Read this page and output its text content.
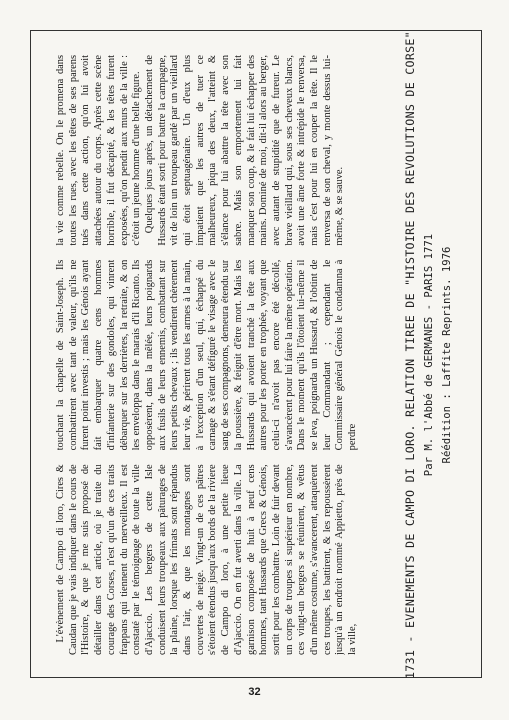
L'évènement de Campo di loro, Cires & Caudan que je vais indiquer dans le cours de l'Histoire, & que je me suis proposé de détailler dans cet article, où je traite du courage des Corses, n'est qu'un de ces traits frappans qui tiennent du merveilleux. Il est constaté par le témoignage de toute la ville d'Ajaccio. Les bergers de cette Isle conduisent leurs troupeaux aux pâturages de la plaine, lorsque les frimats sont répandus dans l'air, & que les montagnes sont couvertes de neige. Vingt-un de ces pâtres s'étoient étendus jusqu'aux bords de la riviere de Campo di loro, à une petite lieue d'Ajaccio. On en fut averti dans la ville. La garnison composée de huit à neuf cens hommes, tant Hussards que Grecs & Génois, sortit pour les combattre. Loin de fuir devant un corps de troupes si supérieur en nombre, ces vingt-un bergers se réunirent, & vêtus d'un même costume, s'avancerent, attaquèrent ces troupes, les battirent, & les repoussèrent jusqu'à un endroit nommé Appietto, près de la ville,

touchant la chapelle de Saint-Joseph. Ils combattirent avec tant de valeur, qu'ils ne furent point investis ; mais les Génois ayant fait embarquer quatre cens hommes d'infanterie sur des gondoles, qui vinrent débarquer sur les derrières, la retraite, & on les enveloppa dans le marais d'il Ricanto. Ils opposèrent, dans la mêlée, leurs poignards aux fusils de leurs ennemis, combattant sur leurs petits chevaux ; ils vendirent chèrement leur vie, & périrent tous les armes à la main, à l'exception d'un seul, qui, échappé du carnage & s'étant défiguré le visage avec le sang de ses compagnons, demeura étendu sur la poussière, & feignit d'être mort. Mais les Hussards qui avoient tranché la tête aux autres pour les porter en trophée, voyant que celui-ci n'avoit pas encore été décollé, s'avancèrent pour lui faire la même opération. Dans le moment qu'ils l'ôtoient lui-même il se leva, poignarda un Hussard, & l'obtint de leur Commandant ; cependant le Commissaire général Génois le condamna à perdre

la vie comme rebelle. On le promena dans toutes les rues, avec les têtes de ses parens tués dans cette action, qu'on lui avoit attachées autour du corps. Après cette scène horrible, il fut décapité, & les têtes furent exposées, qu'on pendit aux murs de la ville : c'étoit un jeune homme d'une belle figure. Quelques jours après, un détachement de Hussards étant sorti pour battre la campagne, vit de loin un troupeau gardé par un vieillard qui étoit septuagénaire. Un d'eux plus impatient que les autres de tuer ce malheureux, piqua des deux, l'atteint & s'élance pour lui abattre la tête avec son sabre. Mais son emportement lui fait manquer son coup, & le fait lui échapper des mains. Dominé de moi, dit-il alors au berger, avec autant de stupidité que de fureur. Le brave vieillard qui, sous ses cheveux blancs, avoit une âme forte & intrépide le renversa, mais c'est pour lui en couper la tête. Il le renversa de son cheval, y monte dessus lui-même, & se sauve.	1731 - EVENEMENTS DE CAMPO DI LORO. RELATION TIREE DE "HISTOIRE DES REVOLUTIONS DE CORSE" Par M. l'Abbé de GERMANES - PARIS 1771 Réédition : Laffite Reprints. 1976
32
